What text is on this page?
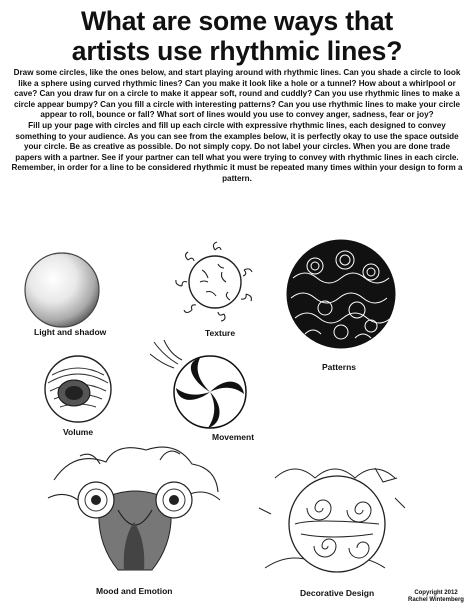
What are some ways that
artists use rhythmic lines?

Draw some circles, like the ones below, and start playing around with rhythmic lines. Can you shade a circle to look like a sphere using curved rhythmic lines? Can you make it look like a hole or a tunnel? How about a whirlpool or cave? Can you draw fur on a circle to make it appear soft, round and cuddly? Can you use rhythmic lines to make a circle appear bumpy? Can you fill a circle with interesting patterns? Can you use rhythmic lines to make your circle appear to roll, bounce or fall? What sort of lines would you use to convey anger, sadness, fear or joy?

Fill up your page with circles and fill up each circle with expressive rhythmic lines, each designed to convey something to your audience. As you can see from the examples below, it is perfectly okay to use the space outside your circle. Be as creative as possible. Do not simply copy. Do not label your circles. When you are done trade papers with a partner. See if your partner can tell what you were trying to convey with rhythmic lines in each circle. Remember, in order for a line to be considered rhythmic it must be repeated many times within your design to form a pattern.

Light and shadow	Texture
Patterns
Volume	Movement
Mood and Emotion	Decorative Design	Copyright 2012
Rachel Wintemberg
